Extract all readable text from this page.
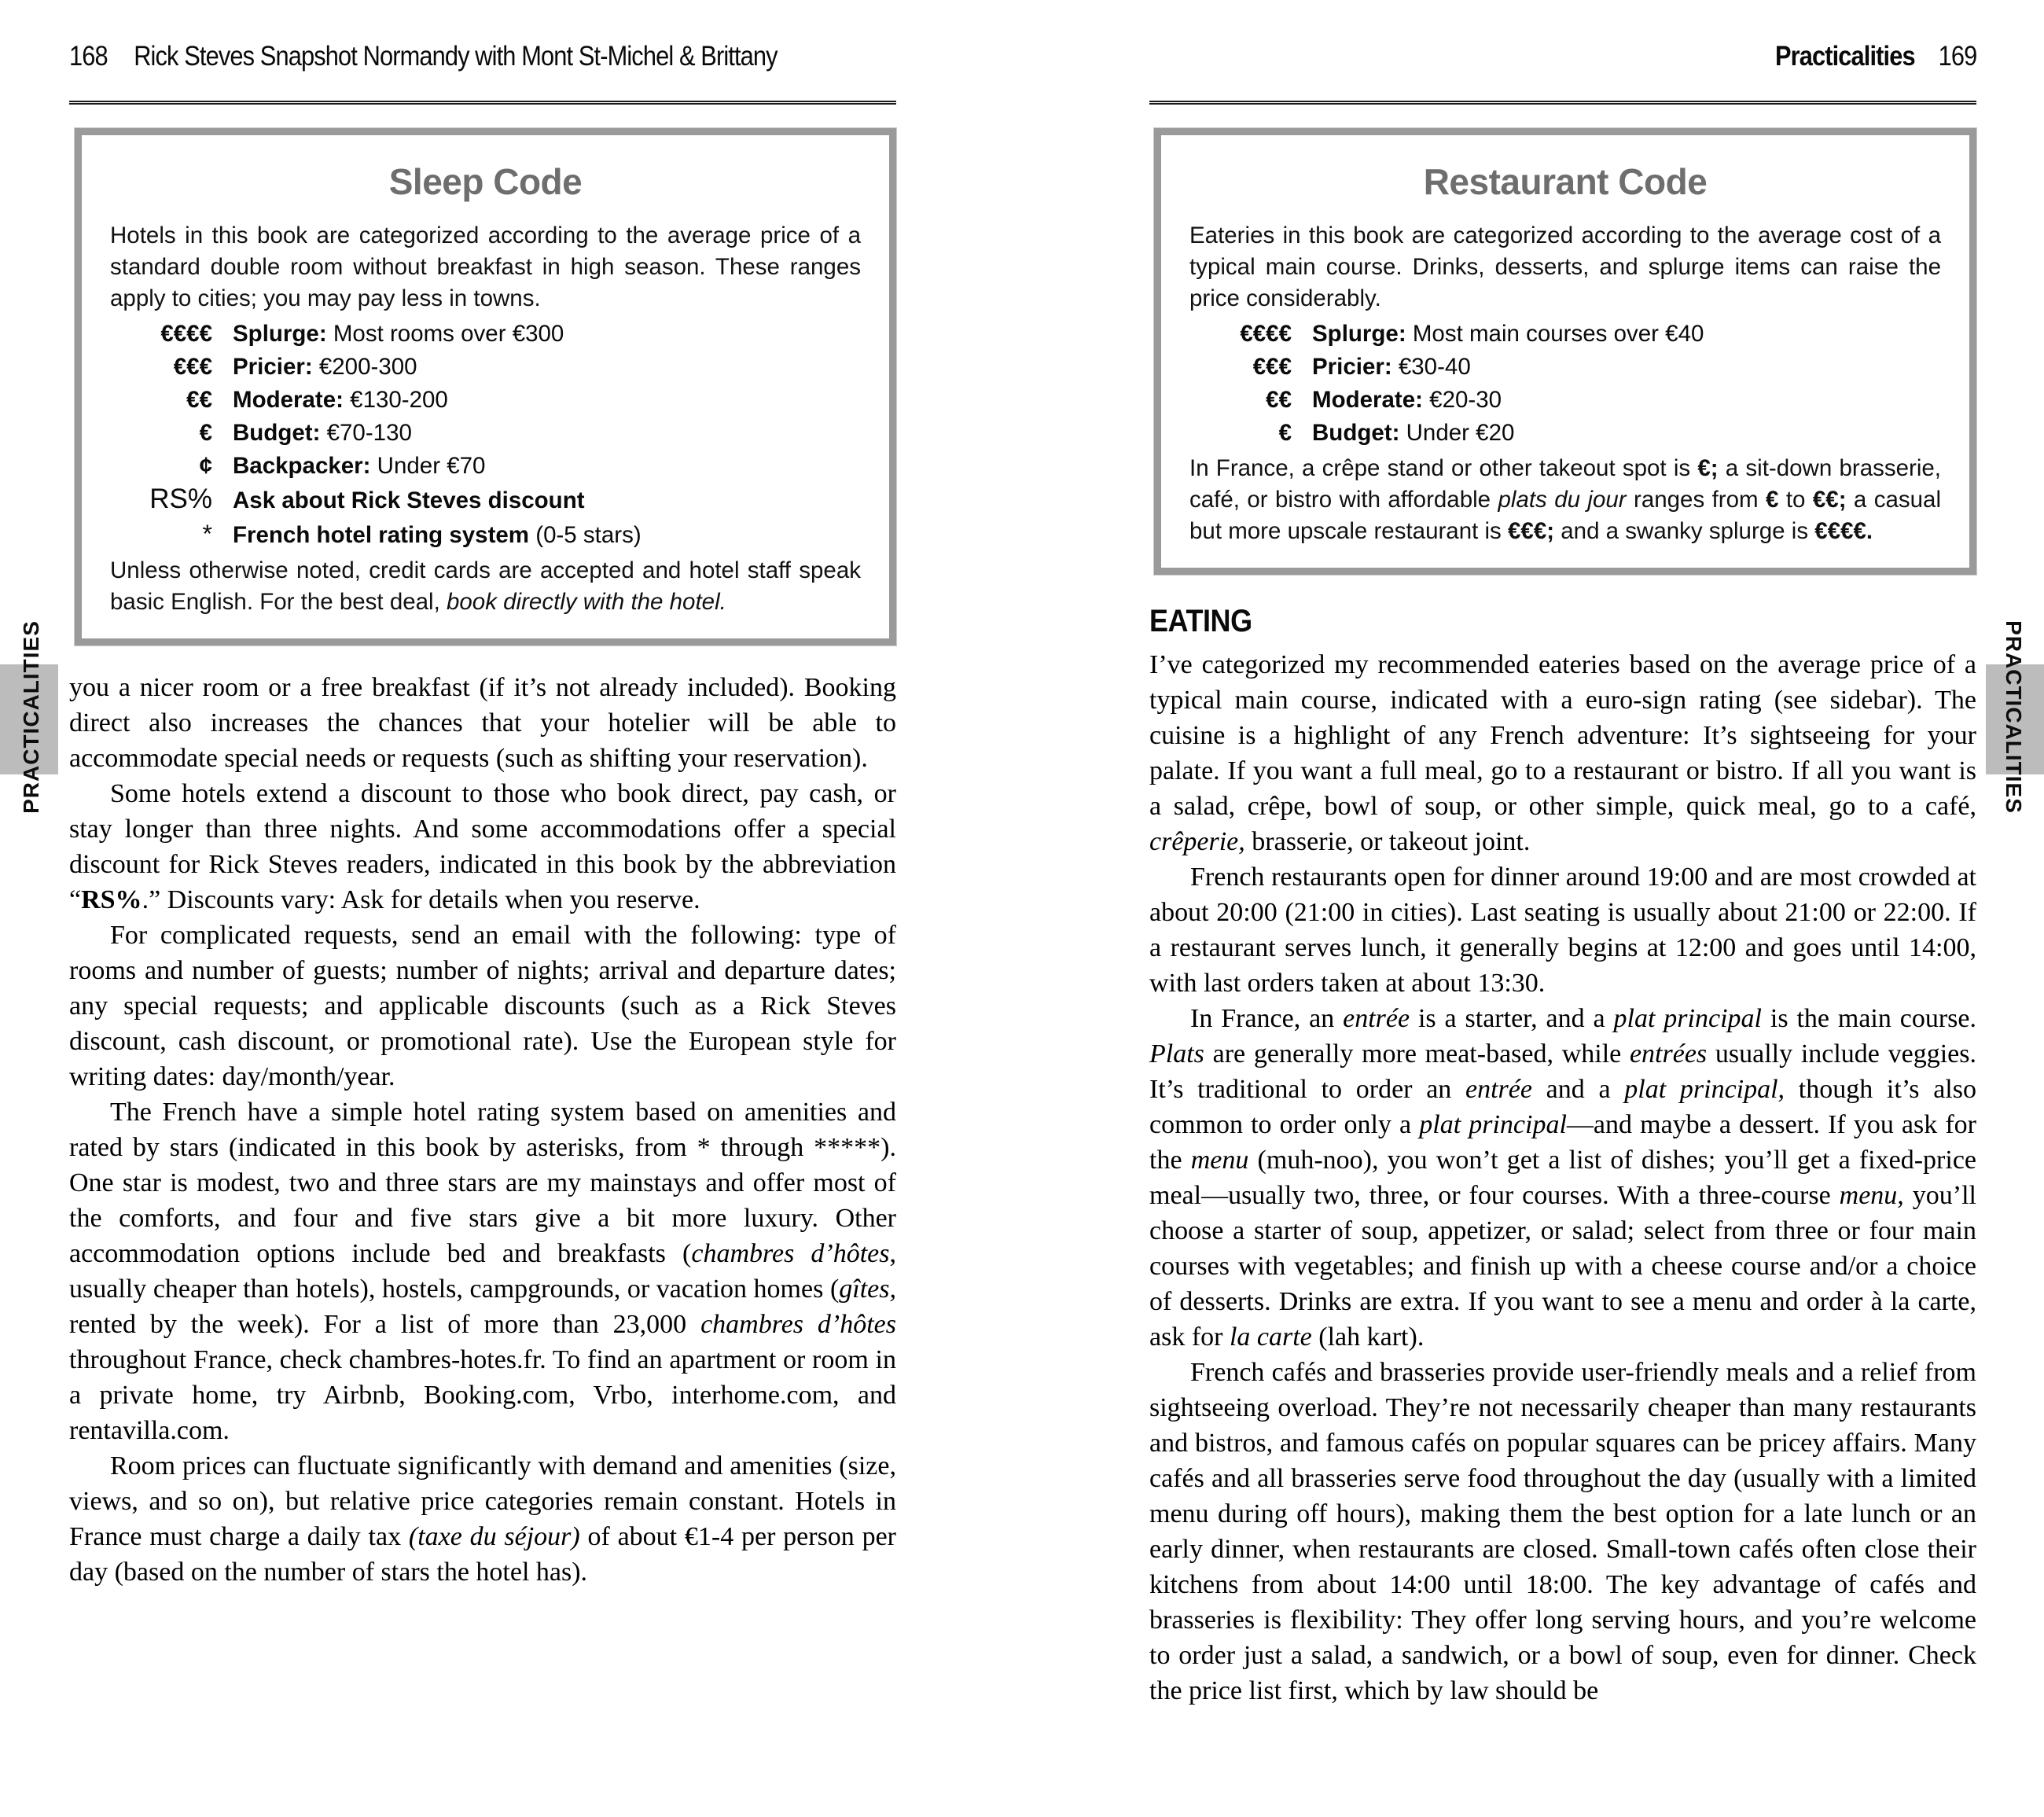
168 Rick Steves Snapshot Normandy with Mont St-Michel & Brittany
Sleep Code

Hotels in this book are categorized according to the average price of a standard double room without breakfast in high season. These ranges apply to cities; you may pay less in towns.

€€€€ Splurge: Most rooms over €300
€€€ Pricier: €200-300
€€ Moderate: €130-200
€ Budget: €70-130
¢ Backpacker: Under €70
RS% Ask about Rick Steves discount
* French hotel rating system (0-5 stars)

Unless otherwise noted, credit cards are accepted and hotel staff speak basic English. For the best deal, book directly with the hotel.

you a nicer room or a free breakfast (if it’s not already included). Booking direct also increases the chances that your hotelier will be able to accommodate special needs or requests (such as shifting your reservation).

Some hotels extend a discount to those who book direct, pay cash, or stay longer than three nights. And some accommodations offer a special discount for Rick Steves readers, indicated in this book by the abbreviation “RS%.” Discounts vary: Ask for details when you reserve.

For complicated requests, send an email with the following: type of rooms and number of guests; number of nights; arrival and departure dates; any special requests; and applicable discounts (such as a Rick Steves discount, cash discount, or promotional rate). Use the European style for writing dates: day/month/year.

The French have a simple hotel rating system based on amenities and rated by stars (indicated in this book by asterisks, from * through *****). One star is modest, two and three stars are my mainstays and offer most of the comforts, and four and five stars give a bit more luxury. Other accommodation options include bed and breakfasts (chambres d’hôtes, usually cheaper than hotels), hostels, campgrounds, or vacation homes (gîtes, rented by the week). For a list of more than 23,000 chambres d’hôtes throughout France, check chambres-hotes.fr. To find an apartment or room in a private home, try Airbnb, Booking.com, Vrbo, interhome.com, and rentavilla.com.

Room prices can fluctuate significantly with demand and amenities (size, views, and so on), but relative price categories remain constant. Hotels in France must charge a daily tax (taxe du séjour) of about €1-4 per person per day (based on the number of stars the hotel has).

Practicalities 169
Restaurant Code

Eateries in this book are categorized according to the average cost of a typical main course. Drinks, desserts, and splurge items can raise the price considerably.

€€€€ Splurge: Most main courses over €40
€€€ Pricier: €30-40
€€ Moderate: €20-30
€ Budget: Under €20

In France, a crêpe stand or other takeout spot is €; a sit-down brasserie, café, or bistro with affordable plats du jour ranges from € to €€; a casual but more upscale restaurant is €€€; and a swanky splurge is €€€€.

EATING

I’ve categorized my recommended eateries based on the average price of a typical main course, indicated with a euro-sign rating (see sidebar). The cuisine is a highlight of any French adventure: It’s sightseeing for your palate. If you want a full meal, go to a restaurant or bistro. If all you want is a salad, crêpe, bowl of soup, or other simple, quick meal, go to a café, crêperie, brasserie, or takeout joint.

French restaurants open for dinner around 19:00 and are most crowded at about 20:00 (21:00 in cities). Last seating is usually about 21:00 or 22:00. If a restaurant serves lunch, it generally begins at 12:00 and goes until 14:00, with last orders taken at about 13:30.

In France, an entrée is a starter, and a plat principal is the main course. Plats are generally more meat-based, while entrées usually include veggies. It’s traditional to order an entrée and a plat principal, though it’s also common to order only a plat principal—and maybe a dessert. If you ask for the menu (muh-noo), you won’t get a list of dishes; you’ll get a fixed-price meal—usually two, three, or four courses. With a three-course menu, you’ll choose a starter of soup, appetizer, or salad; select from three or four main courses with vegetables; and finish up with a cheese course and/or a choice of desserts. Drinks are extra. If you want to see a menu and order à la carte, ask for la carte (lah kart).

French cafés and brasseries provide user-friendly meals and a relief from sightseeing overload. They’re not necessarily cheaper than many restaurants and bistros, and famous cafés on popular squares can be pricey affairs. Many cafés and all brasseries serve food throughout the day (usually with a limited menu during off hours), making them the best option for a late lunch or an early dinner, when restaurants are closed. Small-town cafés often close their kitchens from about 14:00 until 18:00. The key advantage of cafés and brasseries is flexibility: They offer long serving hours, and you’re welcome to order just a salad, a sandwich, or a bowl of soup, even for dinner. Check the price list first, which by law should be
